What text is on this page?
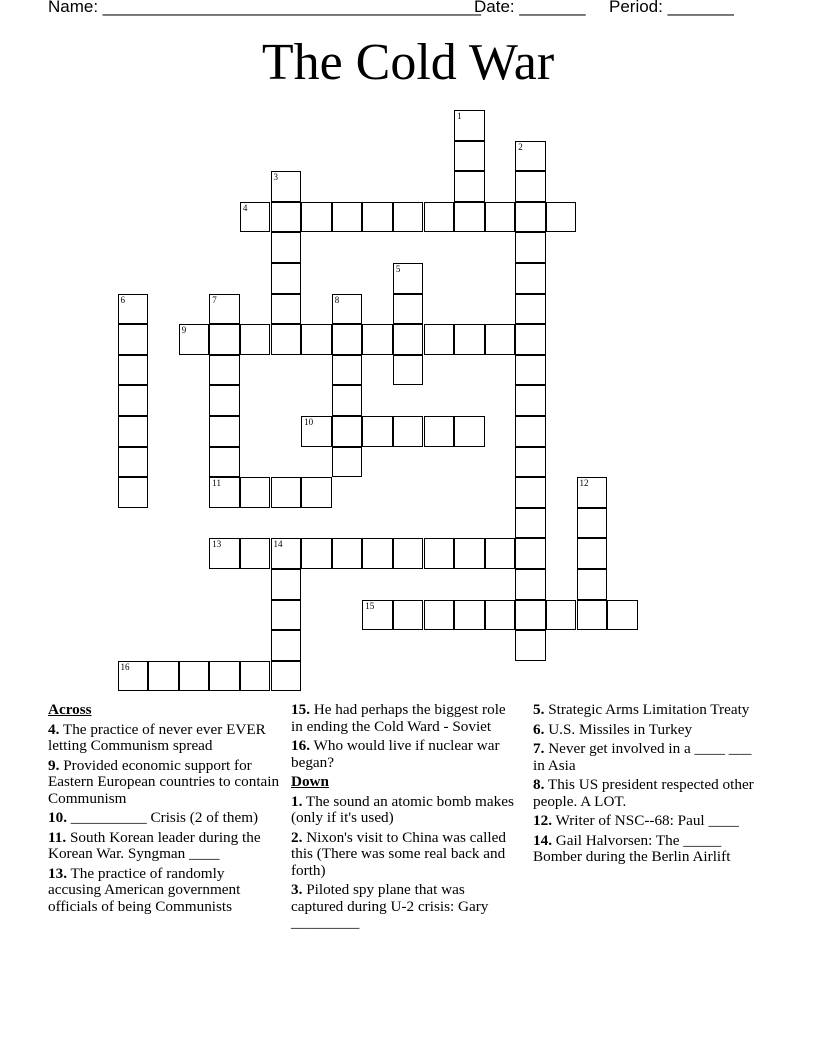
Name: ________________________________________

Date: _______

Period: _______

The Cold War
1
2
3
4
5
6	7
11
8
9
10
12
13	14
15
16
Across
4. The practice of never ever EVER letting Communism spread
9. Provided economic support for Eastern European countries to contain Communism
10. __________ Crisis (2 of them)
11. South Korean leader during the Korean War. Syngman ____
13. The practice of randomly accusing American government officials of being Communists
15. He had perhaps the biggest role in ending the Cold Ward - Soviet
16. Who would live if nuclear war began?
Down
1. The sound an atomic bomb makes (only if it's used)
2. Nixon's visit to China was called this (There was some real back and forth)
3. Piloted spy plane that was captured during U-2 crisis: Gary _________
5. Strategic Arms Limitation Treaty
6. U.S. Missiles in Turkey
7. Never get involved in a ____ ___ in Asia
8. This US president respected other people. A LOT.
12. Writer of NSC--68: Paul ____
14. Gail Halvorsen: The _____ Bomber during the Berlin Airlift
